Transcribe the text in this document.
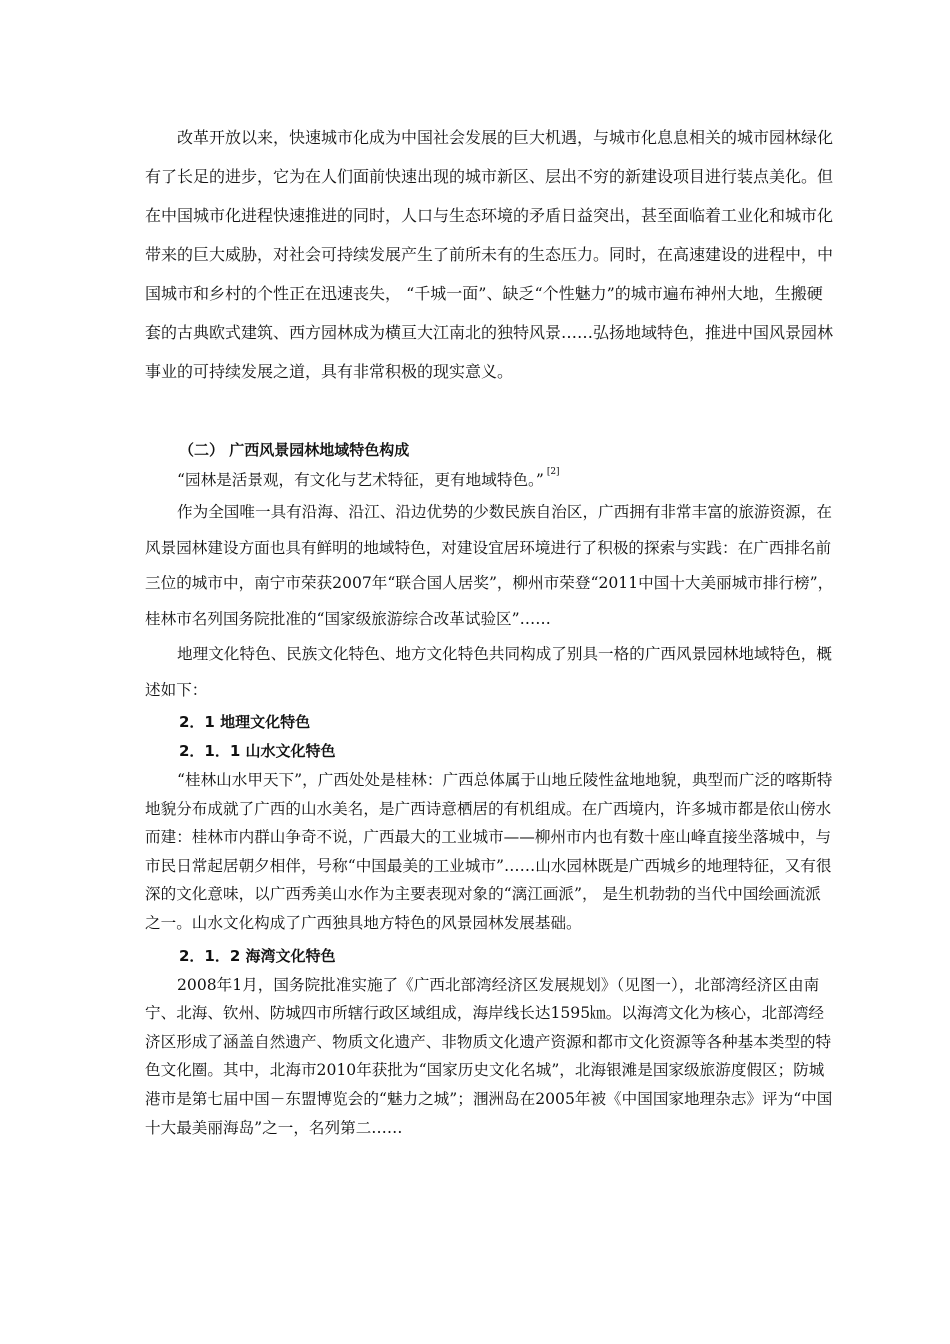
改革开放以来，快速城市化成为中国社会发展的巨大机遇，与城市化息息相关的城市园林绿化有了长足的进步，它为在人们面前快速出现的城市新区、层出不穷的新建设项目进行装点美化。但在中国城市化进程快速推进的同时，人口与生态环境的矛盾日益突出，甚至面临着工业化和城市化带来的巨大威胁，对社会可持续发展产生了前所未有的生态压力。同时，在高速建设的进程中，中国城市和乡村的个性正在迅速丧失， “千城一面”、缺乏“个性魅力”的城市遍布神州大地，生搬硬套的古典欧式建筑、西方园林成为横亘大江南北的独特风景……弘扬地域特色，推进中国风景园林事业的可持续发展之道，具有非常积极的现实意义。

（二） 广西风景园林地域特色构成

“园林是活景观，有文化与艺术特征，更有地域特色。” [2]

作为全国唯一具有沿海、沿江、沿边优势的少数民族自治区，广西拥有非常丰富的旅游资源，在风景园林建设方面也具有鲜明的地域特色，对建设宜居环境进行了积极的探索与实践：在广西排名前三位的城市中，南宁市荣获2007年“联合国人居奖”，柳州市荣登“2011中国十大美丽城市排行榜”，桂林市名列国务院批准的“国家级旅游综合改革试验区”……

地理文化特色、民族文化特色、地方文化特色共同构成了别具一格的广西风景园林地域特色，概述如下：

2．1 地理文化特色

2．1．1 山水文化特色

“桂林山水甲天下”，广西处处是桂林：广西总体属于山地丘陵性盆地地貌，典型而广泛的喀斯特地貌分布成就了广西的山水美名，是广西诗意栖居的有机组成。在广西境内，许多城市都是依山傍水而建：桂林市内群山争奇不说，广西最大的工业城市——柳州市内也有数十座山峰直接坐落城中，与市民日常起居朝夕相伴，号称“中国最美的工业城市”……山水园林既是广西城乡的地理特征，又有很深的文化意味，以广西秀美山水作为主要表现对象的“漓江画派”， 是生机勃勃的当代中国绘画流派之一。山水文化构成了广西独具地方特色的风景园林发展基础。

2．1．2 海湾文化特色

2008年1月，国务院批准实施了《广西北部湾经济区发展规划》（见图一），北部湾经济区由南宁、北海、钦州、防城四市所辖行政区域组成，海岸线长达1595㎞。以海湾文化为核心，北部湾经济区形成了涵盖自然遗产、物质文化遗产、非物质文化遗产资源和都市文化资源等各种基本类型的特色文化圈。其中，北海市2010年获批为“国家历史文化名城”，北海银滩是国家级旅游度假区；防城港市是第七届中国－东盟博览会的“魅力之城”；涠洲岛在2005年被《中国国家地理杂志》评为“中国十大最美丽海岛”之一，名列第二……
